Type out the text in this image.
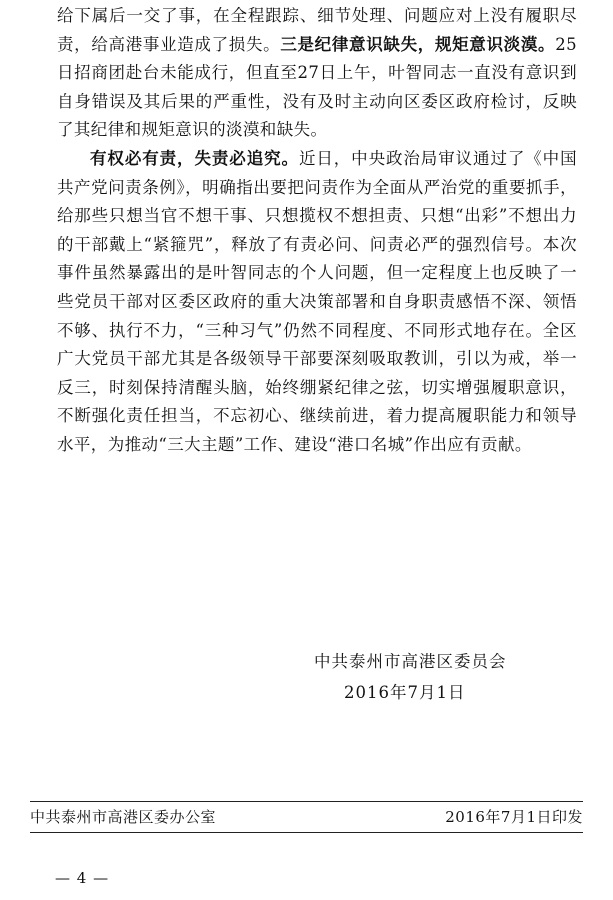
给下属后一交了事，在全程跟踪、细节处理、问题应对上没有履职尽责，给高港事业造成了损失。三是纪律意识缺失，规矩意识淡漠。25日招商团赴台未能成行，但直至27日上午，叶智同志一直没有意识到自身错误及其后果的严重性，没有及时主动向区委区政府检讨，反映了其纪律和规矩意识的淡漠和缺失。

有权必有责，失责必追究。近日，中央政治局审议通过了《中国共产党问责条例》，明确指出要把问责作为全面从严治党的重要抓手，给那些只想当官不想干事、只想揽权不想担责、只想“出彩”不想出力的干部戴上“紧箍咒”，释放了有责必问、问责必严的强烈信号。本次事件虽然暴露出的是叶智同志的个人问题，但一定程度上也反映了一些党员干部对区委区政府的重大决策部署和自身职责感悟不深、领悟不够、执行不力，“三种习气”仍然不同程度、不同形式地存在。全区广大党员干部尤其是各级领导干部要深刻吸取教训，引以为戒，举一反三，时刻保持清醒头脑，始终绷紧纪律之弦，切实增强履职意识，不断强化责任担当，不忘初心、继续前进，着力提高履职能力和领导水平，为推动“三大主题”工作、建设“港口名城”作出应有贡献。

中共泰州市高港区委员会
2016年7月1日
中共泰州市高港区委办公室	2016年7月1日印发
— 4 —
